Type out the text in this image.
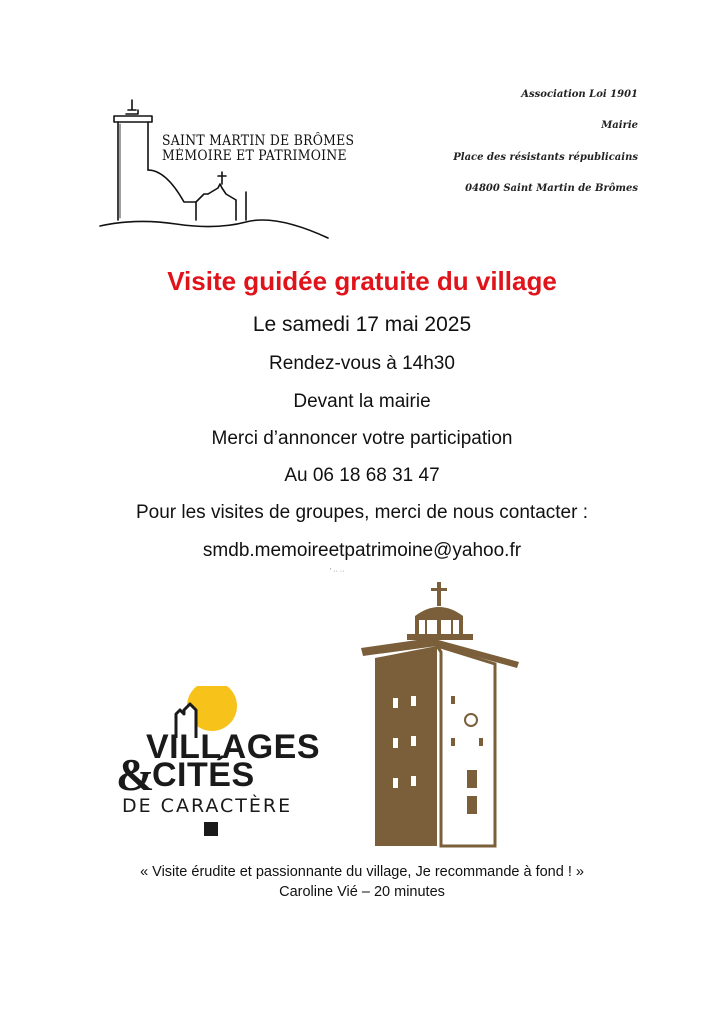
SAINT MARTIN DE BRÔMES
MÉMOIRE ET PATRIMOINE
Association Loi 1901
Mairie
Place des résistants républicains
04800 Saint Martin de Brômes
Visite guidée gratuite du village
Le samedi 17 mai 2025
Rendez-vous à 14h30
Devant la mairie
Merci d’annoncer votre participation
Au 06 18 68 31 47
Pour les visites de groupes, merci de nous contacter :
smdb.memoireetpatrimoine@yahoo.fr
' ·· ··
VILLAGES
&
CITÉS
DE CARACTÈRE
« Visite érudite et passionnante du village, Je recommande à fond ! »
Caroline Vié – 20 minutes
